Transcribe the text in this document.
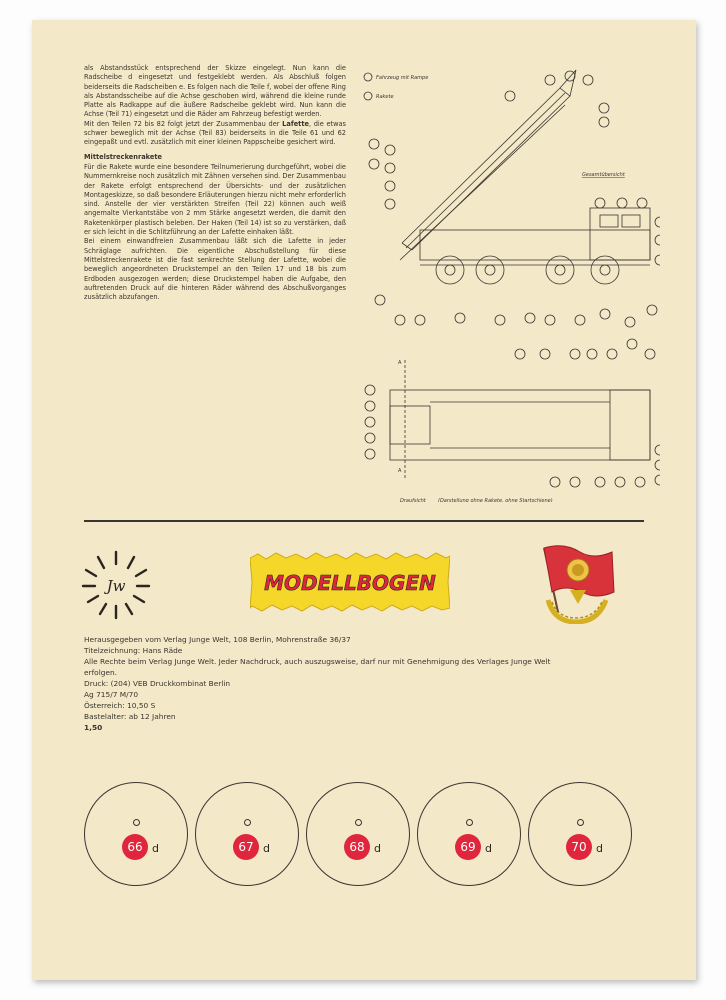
als Abstandsstück entsprechend der Skizze eingelegt. Nun kann die Radscheibe d eingesetzt und festgeklebt werden. Als Abschluß folgen beiderseits die Radscheiben e. Es folgen nach die Teile f, wobei der offene Ring als Abstandsscheibe auf die Achse geschoben wird, während die kleine runde Platte als Radkappe auf die äußere Radscheibe geklebt wird. Nun kann die Achse (Teil 71) eingesetzt und die Räder am Fahrzeug befestigt werden.

Mit den Teilen 72 bis 82 folgt jetzt der Zusammenbau der Lafette, die etwas schwer beweglich mit der Achse (Teil 83) beiderseits in die Teile 61 und 62 eingepaßt und evtl. zusätzlich mit einer kleinen Pappscheibe gesichert wird.

Mittelstreckenrakete

Für die Rakete wurde eine besondere Teilnumerierung durchgeführt, wobei die Nummernkreise noch zusätzlich mit Zähnen versehen sind. Der Zusammenbau der Rakete erfolgt entsprechend der Übersichts- und der zusätzlichen Montageskizze, so daß besondere Erläuterungen hierzu nicht mehr erforderlich sind. Anstelle der vier verstärkten Streifen (Teil 22) können auch weiß angemalte Vierkantstäbe von 2 mm Stärke angesetzt werden, die damit den Raketenkörper plastisch beleben. Der Haken (Teil 14) ist so zu verstärken, daß er sich leicht in die Schlitzführung an der Lafette einhaken läßt.

Bei einem einwandfreien Zusammenbau läßt sich die Lafette in jeder Schräglage aufrichten. Die eigentliche Abschußstellung für diese Mittelstreckenrakete ist die fast senkrechte Stellung der Lafette, wobei die beweglich angeordneten Druckstempel an den Teilen 17 und 18 bis zum Erdboden ausgezogen werden; diese Druckstempel haben die Aufgabe, den auftretenden Druck auf die hinteren Räder während des Abschußvorganges zusätzlich abzufangen.

Fahrzeug mit Rampe
Rakete
Gesamtübersicht
Draufsicht (Darstellung ohne Rakete, ohne Startschiene)
A
A
Jw	MODELLBOGEN
Herausgegeben vom Verlag Junge Welt, 108 Berlin, Mohrenstraße 36/37
Titelzeichnung: Hans Räde
Alle Rechte beim Verlag Junge Welt. Jeder Nachdruck, auch auszugsweise, darf nur mit Genehmigung des Verlages Junge Welt
erfolgen.
Druck: (204) VEB Druckkombinat Berlin
Ag 715/7 M/70
Österreich: 10,50 S
Bastelalter: ab 12 Jahren
1,50
66 d	67 d	68 d	69 d	70 d
